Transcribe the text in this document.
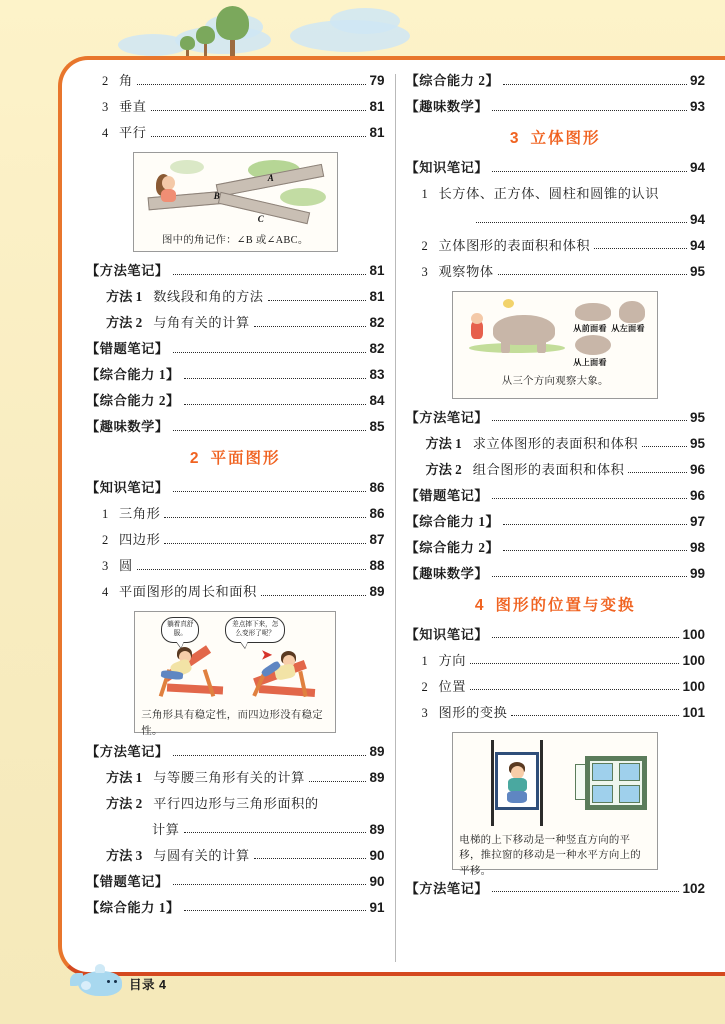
2 角	79
3 垂直	81
4 平行	81
A
B
C
图中的角记作：∠B 或∠ABC。
【方法笔记】	81
方法 1 数线段和角的方法	81
方法 2 与角有关的计算	82
【错题笔记】	82
【综合能力 1】	83
【综合能力 2】	84
【趣味数学】	85
2 平面图形
【知识笔记】	86
1 三角形	86
2 四边形	87
3 圆	88
4 平面图形的周长和面积	89
躺着真舒服。
差点摔下来，怎么变形了呢？
➤
三角形具有稳定性，而四边形没有稳定性。
【方法笔记】	89
方法 1 与等腰三角形有关的计算	89
方法 2 平行四边形与三角形面积的
计算	89
方法 3 与圆有关的计算	90
【错题笔记】	90
【综合能力 1】	91
【综合能力 2】	92
【趣味数学】	93
3 立体图形
【知识笔记】	94
1 长方体、正方体、圆柱和圆锥的认识
94
2 立体图形的表面积和体积	94
3 观察物体	95
从前面看 从左面看
从上面看
从三个方向观察大象。
【方法笔记】	95
方法 1 求立体图形的表面积和体积	95
方法 2 组合图形的表面积和体积	96
【错题笔记】	96
【综合能力 1】	97
【综合能力 2】	98
【趣味数学】	99
4 图形的位置与变换
【知识笔记】	100
1 方向	100
2 位置	100
3 图形的变换	101
电梯的上下移动是一种竖直方向的平移，推拉窗的移动是一种水平方向上的平移。
【方法笔记】	102
目录 4
